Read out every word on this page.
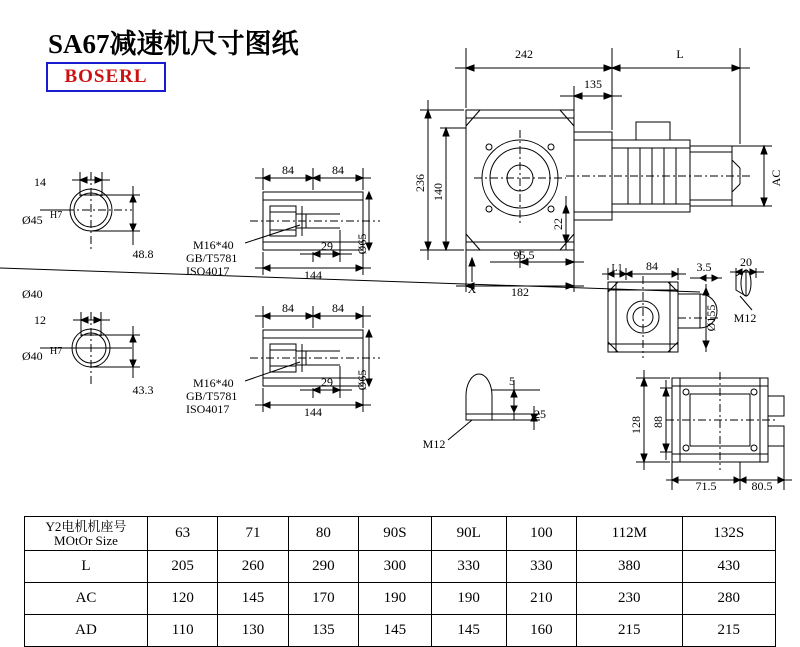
SA67减速机尺寸图纸
BOSERL
242	L
135
236 140
22
AC
95.5
182
X
L1 84	3.5 20
Ø155 M12
128 88
71.5	80.5
5
25
M12
14
Ø45 H7
48.8
Ø40
12
Ø40 H7
43.3
84	84
29
144
Ø65
M16*40
GB/T5781
ISO4017
84	84
29
144
Ø65
M16*40
GB/T5781
ISO4017
Y2电机机座号
MOtOr Size	63	71	80	90S	90L	100	112M	132S
L	205	260	290	300	330	330	380	430
AC	120	145	170	190	190	210	230	280
AD	110	130	135	145	145	160	215	215
